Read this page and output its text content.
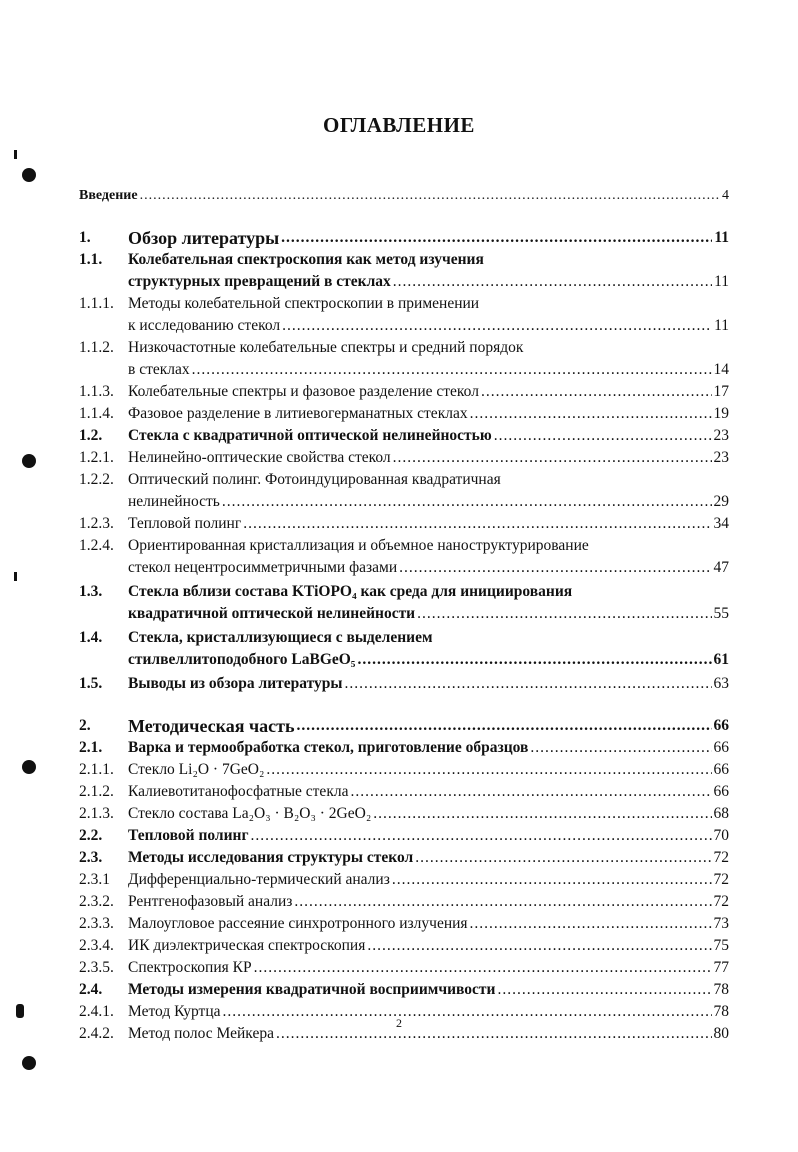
ОГЛАВЛЕНИЕ
Введение .....	4
1. Обзор литературы .....	11
1.1. Колебательная спектроскопия как метод изучения
структурных превращений в стеклах .....	11
1.1.1. Методы колебательной спектроскопии в применении
к исследованию стекол .....	11
1.1.2. Низкочастотные колебательные спектры и средний порядок
в стеклах .....	14
1.1.3. Колебательные спектры и фазовое разделение стекол .....	17
1.1.4. Фазовое разделение в литиевогерманатных стеклах .....	19
1.2. Стекла с квадратичной оптической нелинейностью .....	23
1.2.1. Нелинейно-оптические свойства стекол .....	23
1.2.2. Оптический полинг. Фотоиндуцированная квадратичная
нелинейность .....	29
1.2.3. Тепловой полинг .....	34
1.2.4. Ориентированная кристаллизация и объемное наноструктурирование
стекол нецентросимметричными фазами .....	47
1.3. Стекла вблизи состава KTiOPO₄ как среда для инициирования
квадратичной оптической нелинейности .....	55
1.4. Стекла, кристаллизующиеся с выделением
стилвеллитоподобного LaBGeO₅ .....	61
1.5. Выводы из обзора литературы .....	63
2. Методическая часть .....	66
2.1. Варка и термообработка стекол, приготовление образцов .....	66
2.1.1. Стекло Li₂O · 7GeO₂ .....	66
2.1.2. Калиевотитанофосфатные стекла .....	66
2.1.3. Стекло состава La₂O₃ · B₂O₃ · 2GeO₂ .....	68
2.2. Тепловой полинг .....	70
2.3. Методы исследования структуры стекол .....	72
2.3.1 Дифференциально-термический анализ .....	72
2.3.2. Рентгенофазовый анализ .....	72
2.3.3. Малоугловое рассеяние синхротронного излучения .....	73
2.3.4. ИК диэлектрическая спектроскопия .....	75
2.3.5. Спектроскопия КР .....	77
2.4. Методы измерения квадратичной восприимчивости .....	78
2.4.1. Метод Куртца .....	78
2.4.2. Метод полос Мейкера .....	80
2
